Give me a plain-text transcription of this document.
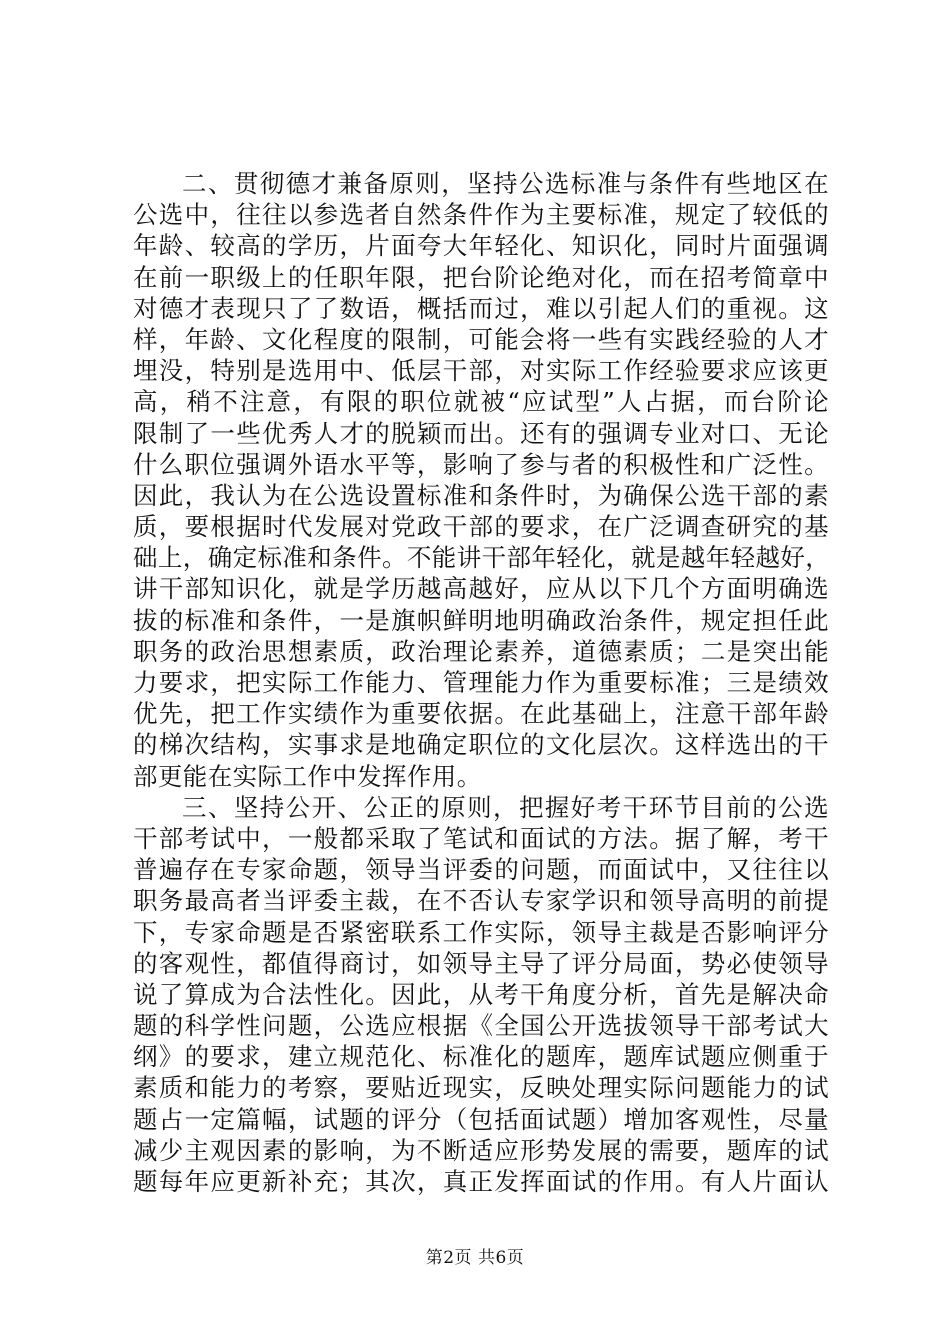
二、贯彻德才兼备原则，坚持公选标准与条件有些地区在
公选中，往往以参选者自然条件作为主要标准，规定了较低的
年龄、较高的学历，片面夸大年轻化、知识化，同时片面强调
在前一职级上的任职年限，把台阶论绝对化，而在招考简章中
对德才表现只了了数语，概括而过，难以引起人们的重视。这
样，年龄、文化程度的限制，可能会将一些有实践经验的人才
埋没，特别是选用中、低层干部，对实际工作经验要求应该更
高，稍不注意，有限的职位就被“应试型”人占据，而台阶论
限制了一些优秀人才的脱颖而出。还有的强调专业对口、无论
什么职位强调外语水平等，影响了参与者的积极性和广泛性。
因此，我认为在公选设置标准和条件时，为确保公选干部的素
质，要根据时代发展对党政干部的要求，在广泛调查研究的基
础上，确定标准和条件。不能讲干部年轻化，就是越年轻越好，
讲干部知识化，就是学历越高越好，应从以下几个方面明确选
拔的标准和条件，一是旗帜鲜明地明确政治条件，规定担任此
职务的政治思想素质，政治理论素养，道德素质；二是突出能
力要求，把实际工作能力、管理能力作为重要标准；三是绩效
优先，把工作实绩作为重要依据。在此基础上，注意干部年龄
的梯次结构，实事求是地确定职位的文化层次。这样选出的干
部更能在实际工作中发挥作用。
三、坚持公开、公正的原则，把握好考干环节目前的公选
干部考试中，一般都采取了笔试和面试的方法。据了解，考干
普遍存在专家命题，领导当评委的问题，而面试中，又往往以
职务最高者当评委主裁，在不否认专家学识和领导高明的前提
下，专家命题是否紧密联系工作实际，领导主裁是否影响评分
的客观性，都值得商讨，如领导主导了评分局面，势必使领导
说了算成为合法性化。因此，从考干角度分析，首先是解决命
题的科学性问题，公选应根据《全国公开选拔领导干部考试大
纲》的要求，建立规范化、标准化的题库，题库试题应侧重于
素质和能力的考察，要贴近现实，反映处理实际问题能力的试
题占一定篇幅，试题的评分（包括面试题）增加客观性，尽量
减少主观因素的影响，为不断适应形势发展的需要，题库的试
题每年应更新补充；其次，真正发挥面试的作用。有人片面认
第2页 共6页
